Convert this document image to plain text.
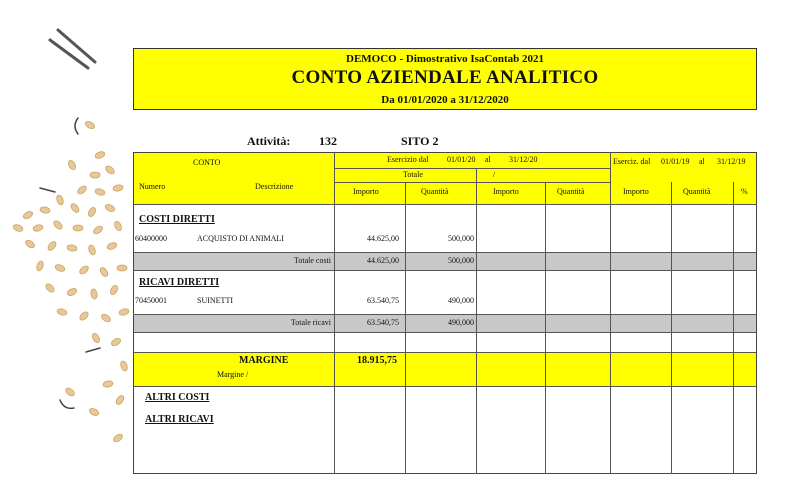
DEMOCO - Dimostrativo IsaContab 2021
CONTO AZIENDALE ANALITICO
Da 01/01/2020 a 31/12/2020
Attività: 132	SITO 2
CONTO
Numero	Descrizione
Esercizio dal 01/01/20 al 31/12/20
Totale	/
Eserciz. dal 01/01/19 al 31/12/19
Importo	Quantità	Importo	Quantità	Importo	Quantità	%
COSTI DIRETTI
60400000	ACQUISTO DI ANIMALI	44.625,00	500,000
Totale costi	44.625,00	500,000
RICAVI DIRETTI
70450001	SUINETTI	63.540,75	490,000
Totale ricavi	63.540,75	490,000
MARGINE	18.915,75
Margine /
ALTRI COSTI
ALTRI RICAVI
